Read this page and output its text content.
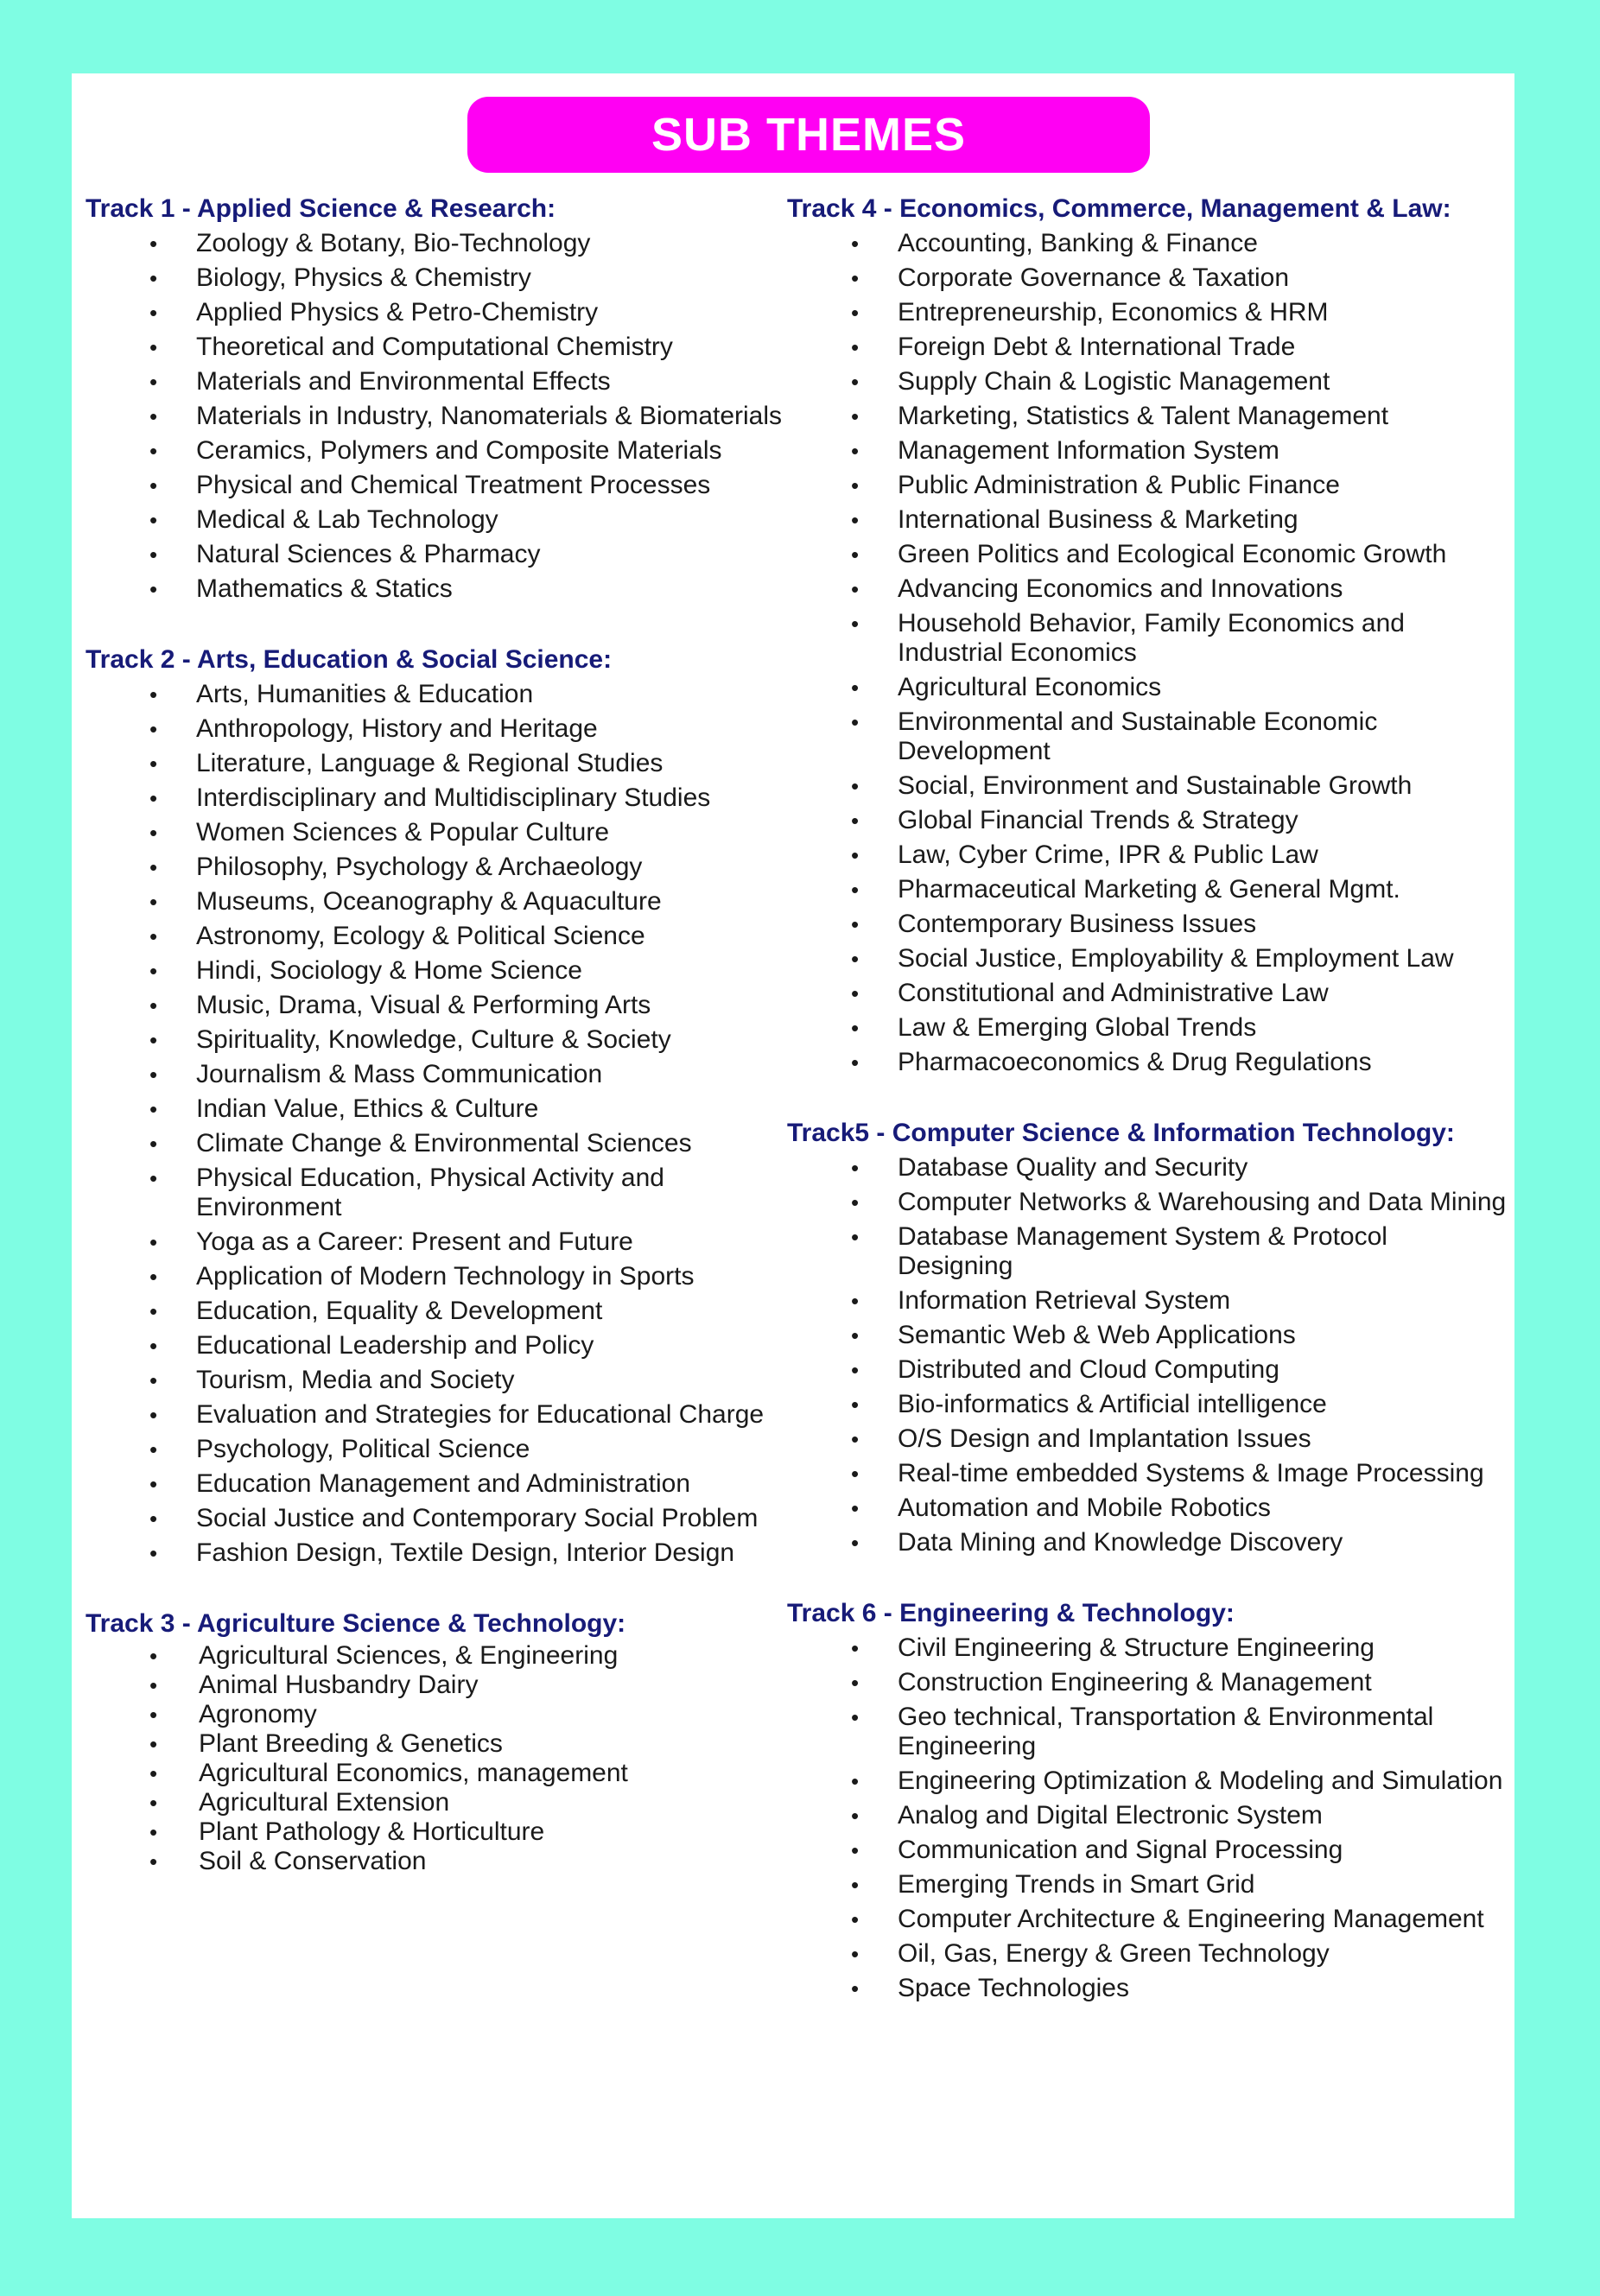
SUB THEMES
Track 1 - Applied Science & Research:
• Zoology & Botany, Bio-Technology
• Biology, Physics & Chemistry
• Applied Physics & Petro-Chemistry
• Theoretical and Computational Chemistry
• Materials and Environmental Effects
• Materials in Industry, Nanomaterials & Biomaterials
• Ceramics, Polymers and Composite Materials
• Physical and Chemical Treatment Processes
• Medical & Lab Technology
• Natural Sciences & Pharmacy
• Mathematics & Statics
Track 2 - Arts, Education & Social Science:
• Arts, Humanities & Education
• Anthropology, History and Heritage
• Literature, Language & Regional Studies
• Interdisciplinary and Multidisciplinary Studies
• Women Sciences & Popular Culture
• Philosophy, Psychology & Archaeology
• Museums, Oceanography & Aquaculture
• Astronomy, Ecology & Political Science
• Hindi, Sociology & Home Science
• Music, Drama, Visual & Performing Arts
• Spirituality, Knowledge, Culture & Society
• Journalism & Mass Communication
• Indian Value, Ethics & Culture
• Climate Change & Environmental Sciences
• Physical Education, Physical Activity and Environment
• Yoga as a Career: Present and Future
• Application of Modern Technology in Sports
• Education, Equality & Development
• Educational Leadership and Policy
• Tourism, Media and Society
• Evaluation and Strategies for Educational Charge
• Psychology, Political Science
• Education Management and Administration
• Social Justice and Contemporary Social Problem
• Fashion Design, Textile Design, Interior Design
Track 3 - Agriculture Science & Technology:
• Agricultural Sciences, & Engineering
• Animal Husbandry Dairy
• Agronomy
• Plant Breeding & Genetics
• Agricultural Economics, management
• Agricultural Extension
• Plant Pathology & Horticulture
• Soil & Conservation
Track 4 - Economics, Commerce, Management & Law:
• Accounting, Banking & Finance
• Corporate Governance & Taxation
• Entrepreneurship, Economics & HRM
• Foreign Debt & International Trade
• Supply Chain & Logistic Management
• Marketing, Statistics & Talent Management
• Management Information System
• Public Administration & Public Finance
• International Business & Marketing
• Green Politics and Ecological Economic Growth
• Advancing Economics and Innovations
• Household Behavior, Family Economics and Industrial Economics
• Agricultural Economics
• Environmental and Sustainable Economic Development
• Social, Environment and Sustainable Growth
• Global Financial Trends & Strategy
• Law, Cyber Crime, IPR & Public Law
• Pharmaceutical Marketing & General Mgmt.
• Contemporary Business Issues
• Social Justice, Employability & Employment Law
• Constitutional and Administrative Law
• Law & Emerging Global Trends
• Pharmacoeconomics & Drug Regulations
Track5 - Computer Science & Information Technology:
• Database Quality and Security
• Computer Networks & Warehousing and Data Mining
• Database Management System & Protocol Designing
• Information Retrieval System
• Semantic Web & Web Applications
• Distributed and Cloud Computing
• Bio-informatics & Artificial intelligence
• O/S Design and Implantation Issues
• Real-time embedded Systems & Image Processing
• Automation and Mobile Robotics
• Data Mining and Knowledge Discovery
Track 6 - Engineering & Technology:
• Civil Engineering & Structure Engineering
• Construction Engineering & Management
• Geo technical, Transportation & Environmental Engineering
• Engineering Optimization & Modeling and Simulation
• Analog and Digital Electronic System
• Communication and Signal Processing
• Emerging Trends in Smart Grid
• Computer Architecture & Engineering Management
• Oil, Gas, Energy & Green Technology
• Space Technologies
